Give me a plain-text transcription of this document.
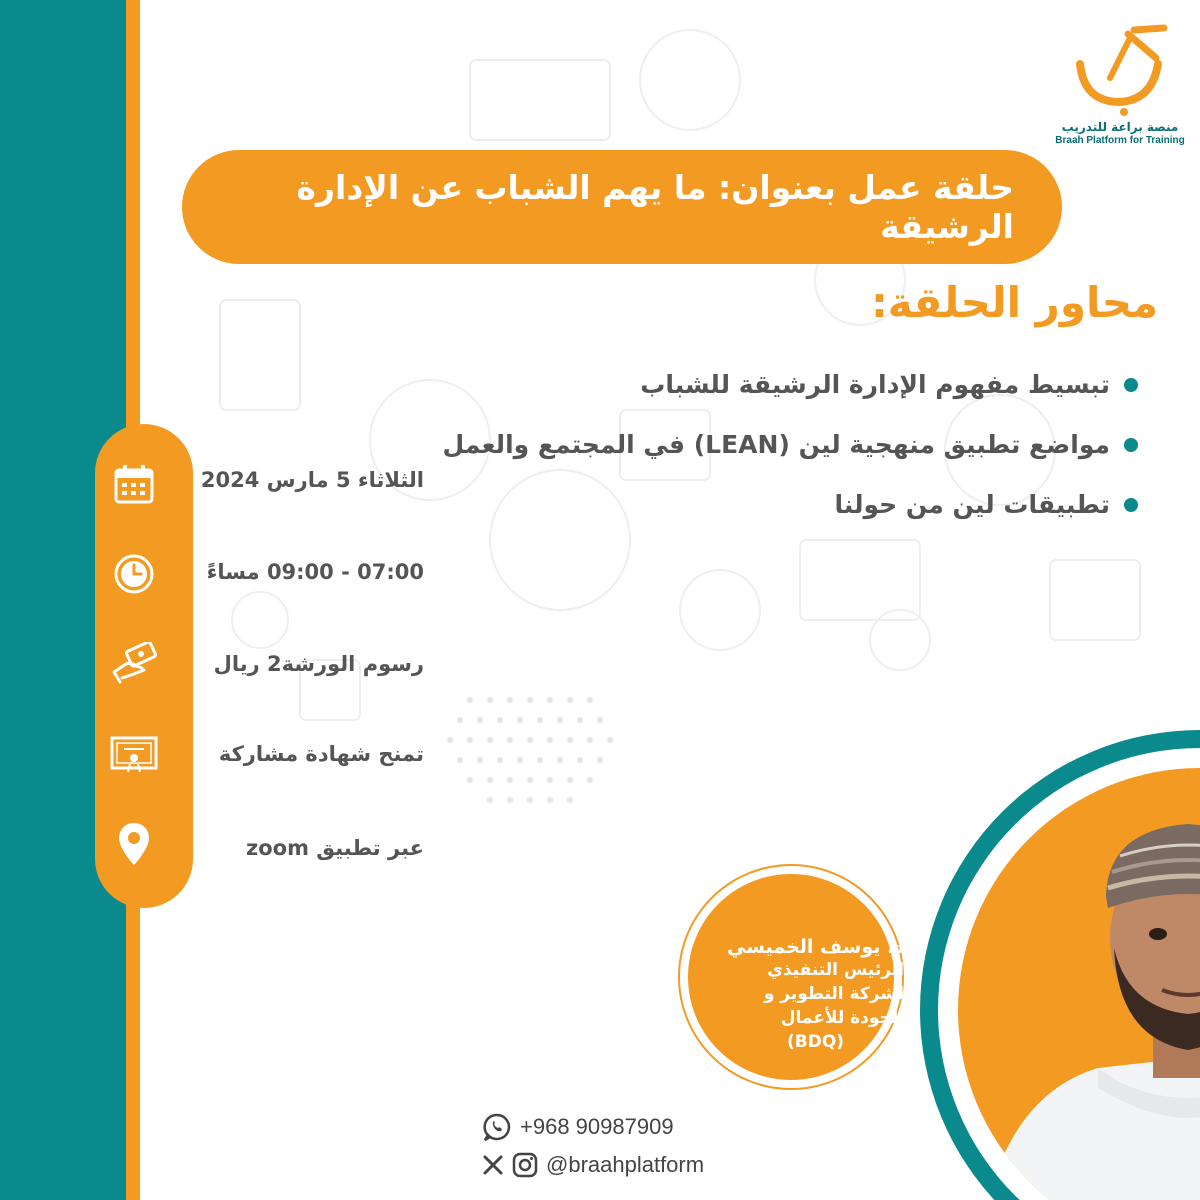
منصة براعة للتدريب
Braah Platform for Training
حلقة عمل بعنوان: ما يهم الشباب عن الإدارة الرشيقة
محاور الحلقة:
تبسيط مفهوم الإدارة الرشيقة للشباب
مواضع تطبيق منهجية لين (LEAN) في المجتمع والعمل
تطبيقات لين من حولنا
الثلاثاء 5 مارس 2024
07:00 - 09:00 مساءً
رسوم الورشة2 ريال
تمنح شهادة مشاركة
عبر تطبيق zoom
د. يوسف الخميسي
الرئيس التنفيذي
لشركة التطوير و
الجودة للأعمال
(BDQ)
+968 90987909
@braahplatform
